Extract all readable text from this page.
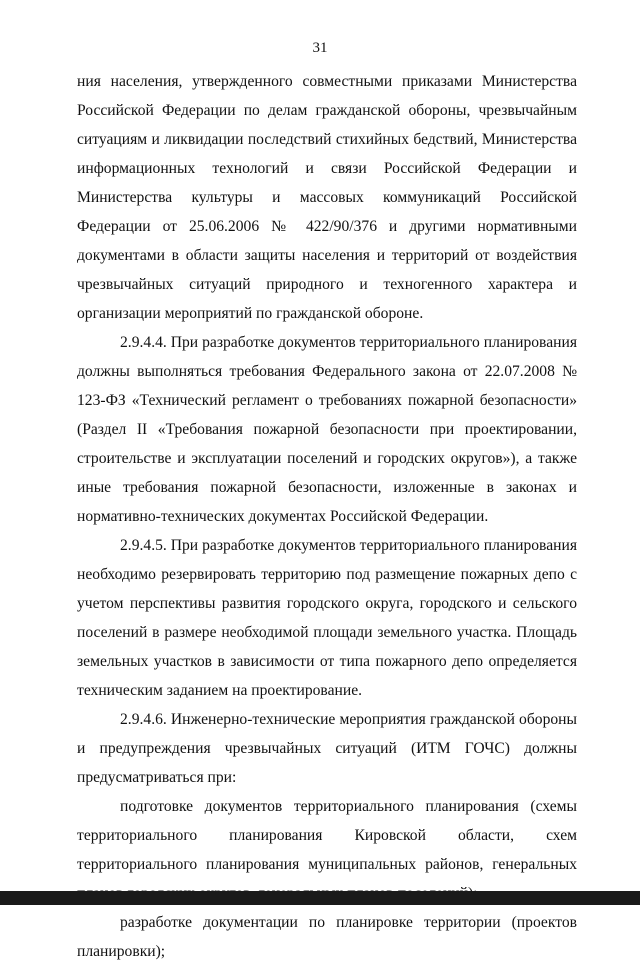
31

ния населения, утвержденного совместными приказами Министерства Российской Федерации по делам гражданской обороны, чрезвычайным ситуациям и ликвидации последствий стихийных бедствий, Министерства информационных технологий и связи Российской Федерации и Министерства культуры и массовых коммуникаций Российской Федерации от 25.06.2006 № 422/90/376 и другими нормативными документами в области защиты населения и территорий от воздействия чрезвычайных ситуаций природного и техногенного характера и организации мероприятий по гражданской обороне.

2.9.4.4. При разработке документов территориального планирования должны выполняться требования Федерального закона от 22.07.2008 № 123-ФЗ «Технический регламент о требованиях пожарной безопасности» (Раздел II «Требования пожарной безопасности при проектировании, строительстве и эксплуатации поселений и городских округов»), а также иные требования пожарной безопасности, изложенные в законах и нормативно-технических документах Российской Федерации.

2.9.4.5. При разработке документов территориального планирования необходимо резервировать территорию под размещение пожарных депо с учетом перспективы развития городского округа, городского и сельского поселений в размере необходимой площади земельного участка. Площадь земельных участков в зависимости от типа пожарного депо определяется техническим заданием на проектирование.

2.9.4.6. Инженерно-технические мероприятия гражданской обороны и предупреждения чрезвычайных ситуаций (ИТМ ГОЧС) должны предусматриваться при:

подготовке документов территориального планирования (схемы территориального планирования Кировской области, схем территориального планирования муниципальных районов, генеральных

разработке документации по планировке территории (проектов планировки);
